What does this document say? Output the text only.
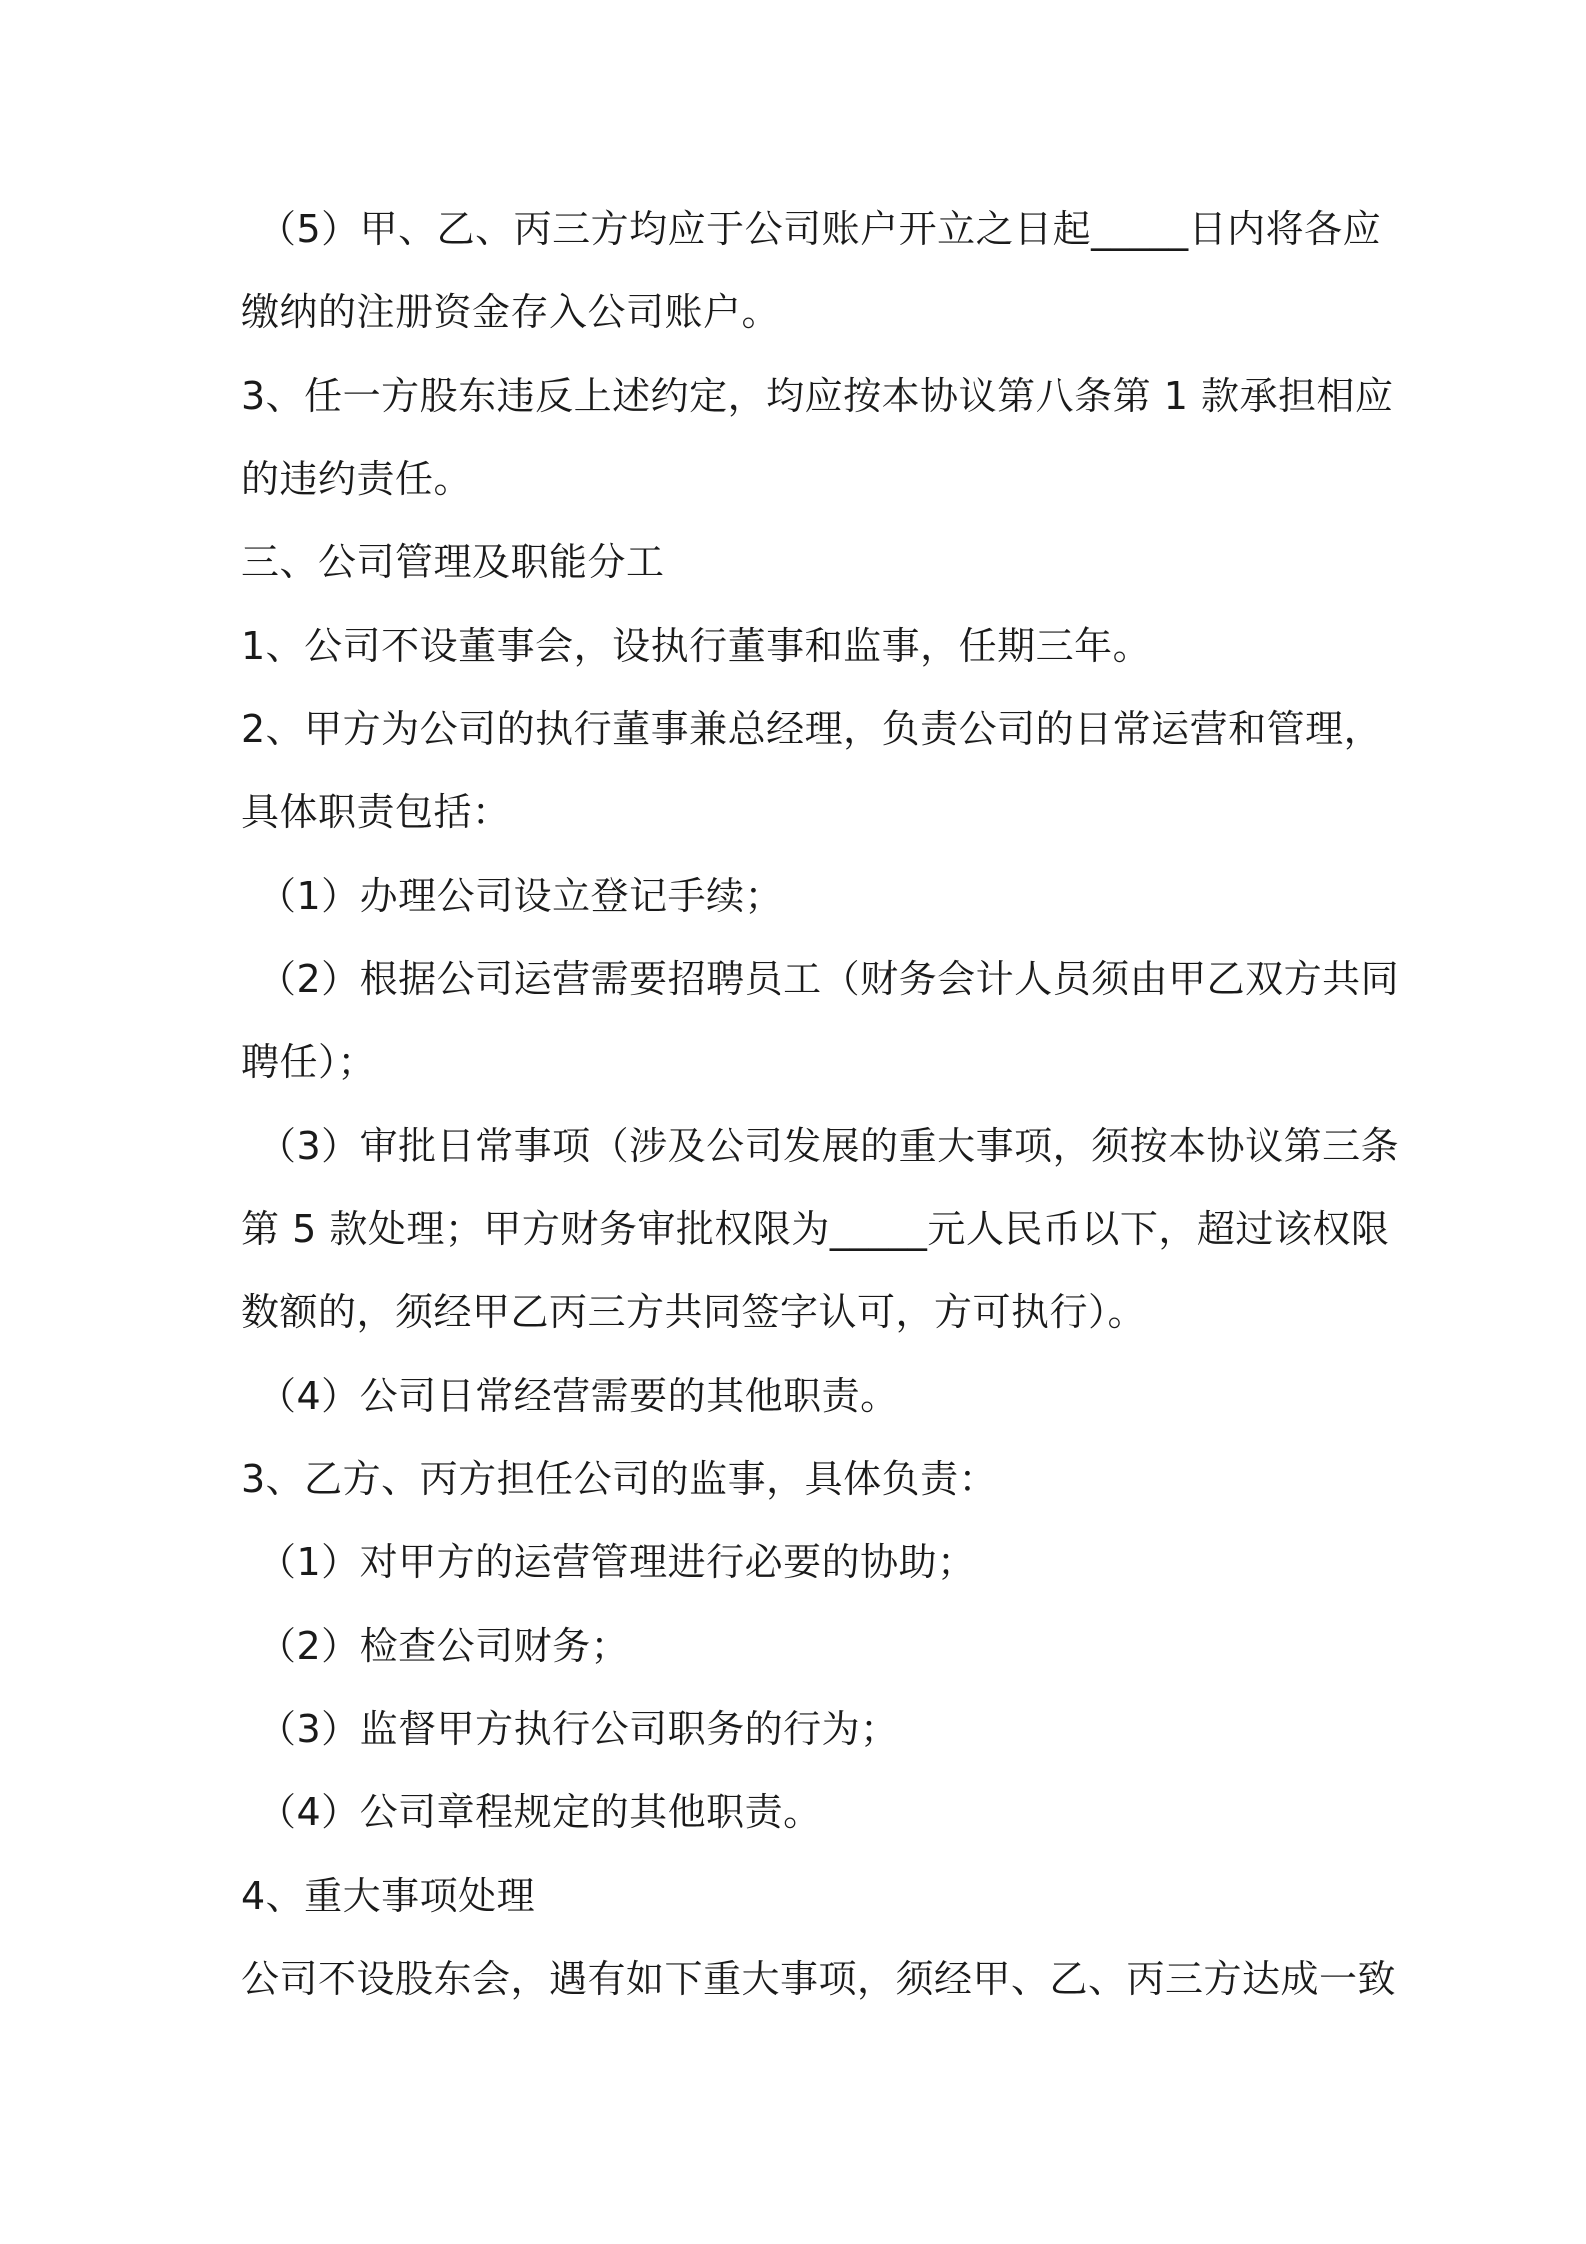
（5）甲、乙、丙三方均应于公司账户开立之日起_____日内将各应
缴纳的注册资金存入公司账户。
3、任一方股东违反上述约定，均应按本协议第八条第 1 款承担相应
的违约责任。
三、公司管理及职能分工
1、公司不设董事会，设执行董事和监事，任期三年。
2、甲方为公司的执行董事兼总经理，负责公司的日常运营和管理，
具体职责包括：
（1）办理公司设立登记手续；
（2）根据公司运营需要招聘员工（财务会计人员须由甲乙双方共同
聘任）；
（3）审批日常事项（涉及公司发展的重大事项，须按本协议第三条
第 5 款处理；甲方财务审批权限为_____元人民币以下，超过该权限
数额的，须经甲乙丙三方共同签字认可，方可执行）。
（4）公司日常经营需要的其他职责。
3、乙方、丙方担任公司的监事，具体负责：
（1）对甲方的运营管理进行必要的协助；
（2）检查公司财务；
（3）监督甲方执行公司职务的行为；
（4）公司章程规定的其他职责。
4、重大事项处理
公司不设股东会，遇有如下重大事项，须经甲、乙、丙三方达成一致
